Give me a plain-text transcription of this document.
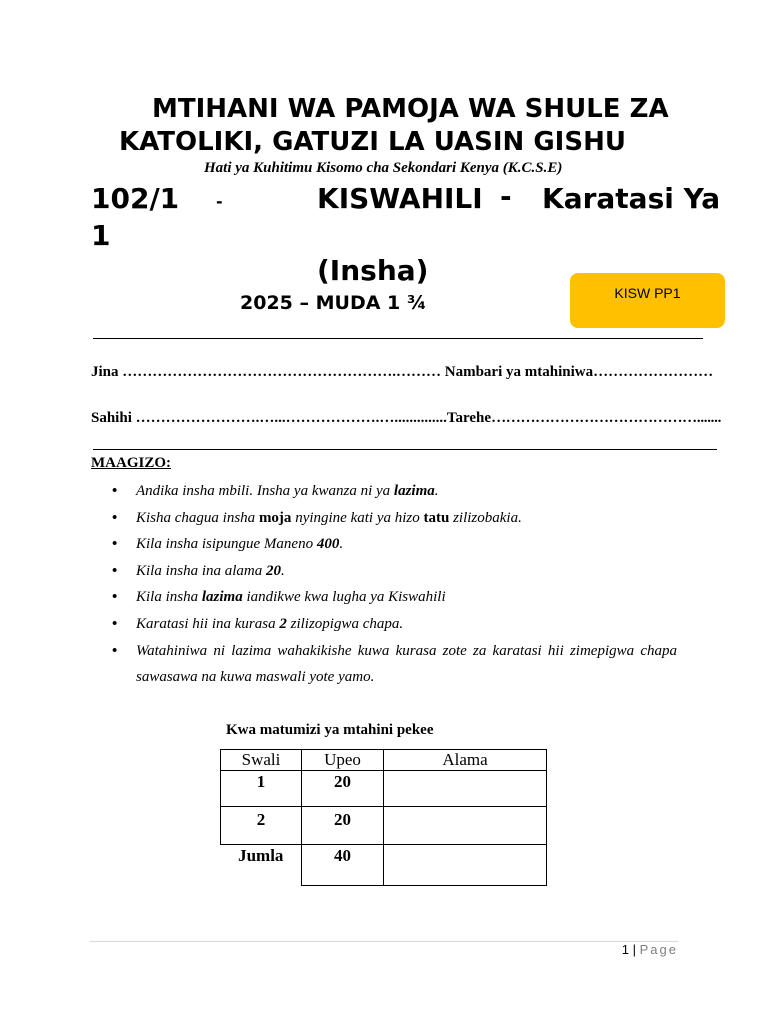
MTIHANI WA PAMOJA WA SHULE ZA
KATOLIKI, GATUZI LA UASIN GISHU
Hati ya Kuhitimu Kisomo cha Sekondari Kenya (K.C.S.E)
102/1 -	KISWAHILI - Karatasi Ya
1
(Insha)
2025 – MUDA 1 ¾	KISW PP1
Jina ……………………………………………….……… Nambari ya mtahiniwa……………………
Sahihi …………………….…...……………….…..............Tarehe…………………………………….......
MAAGIZO:
• Andika insha mbili. Insha ya kwanza ni ya lazima.
• Kisha chagua insha moja nyingine kati ya hizo tatu zilizobakia.
• Kila insha isipungue Maneno 400.
• Kila insha ina alama 20.
• Kila insha lazima iandikwe kwa lugha ya Kiswahili
• Karatasi hii ina kurasa 2 zilizopigwa chapa.
• Watahiniwa ni lazima wahakikishe kuwa kurasa zote za karatasi hii zimepigwa chapa sawasawa na kuwa maswali yote yamo.
Kwa matumizi ya mtahini pekee
Swali	Upeo	Alama
1	20	
2	20	
Jumla	40	
1 | Page
